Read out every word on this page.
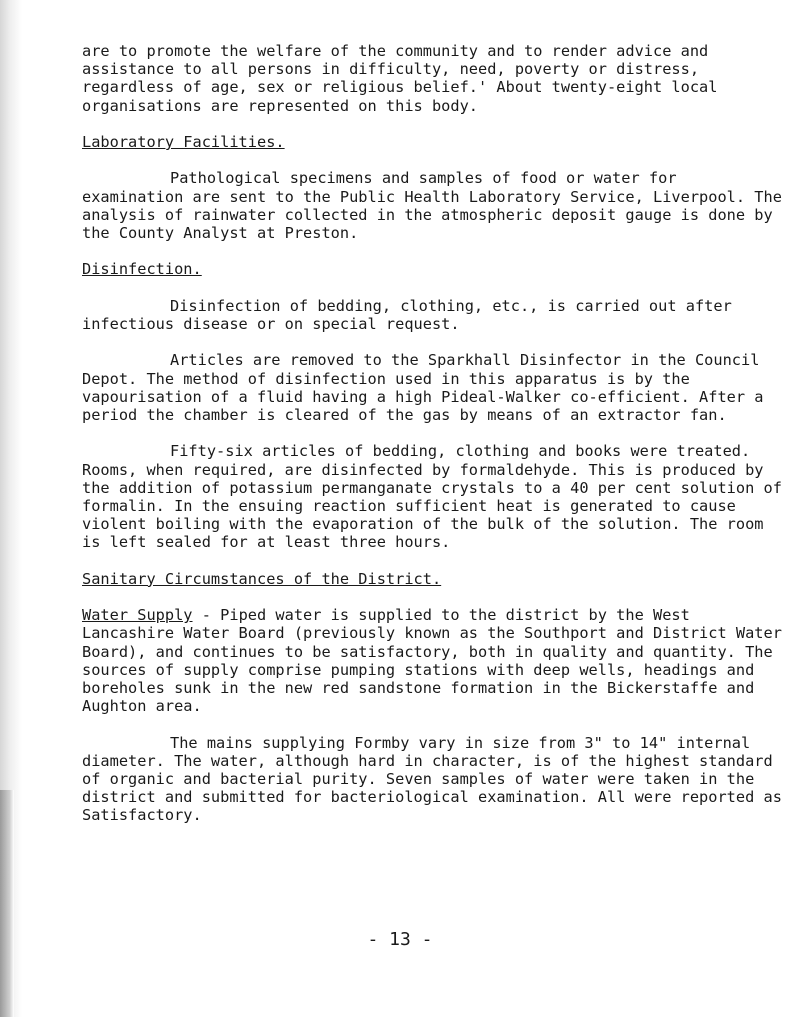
are to promote the welfare of the community and to render advice and assistance to all persons in difficulty, need, poverty or distress, regardless of age, sex or religious belief.' About twenty-eight local organisations are represented on this body.

Laboratory Facilities.

Pathological specimens and samples of food or water for examination are sent to the Public Health Laboratory Service, Liverpool. The analysis of rainwater collected in the atmospheric deposit gauge is done by the County Analyst at Preston.

Disinfection.

Disinfection of bedding, clothing, etc., is carried out after infectious disease or on special request.

Articles are removed to the Sparkhall Disinfector in the Council Depot. The method of disinfection used in this apparatus is by the vapourisation of a fluid having a high Pideal-Walker co-efficient. After a period the chamber is cleared of the gas by means of an extractor fan.

Fifty-six articles of bedding, clothing and books were treated. Rooms, when required, are disinfected by formaldehyde. This is produced by the addition of potassium permanganate crystals to a 40 per cent solution of formalin. In the ensuing reaction sufficient heat is generated to cause violent boiling with the evaporation of the bulk of the solution. The room is left sealed for at least three hours.

Sanitary Circumstances of the District.

Water Supply - Piped water is supplied to the district by the West Lancashire Water Board (previously known as the Southport and District Water Board), and continues to be satisfactory, both in quality and quantity. The sources of supply comprise pumping stations with deep wells, headings and boreholes sunk in the new red sandstone formation in the Bickerstaffe and Aughton area.

The mains supplying Formby vary in size from 3" to 14" internal diameter. The water, although hard in character, is of the highest standard of organic and bacterial purity. Seven samples of water were taken in the district and submitted for bacteriological examination. All were reported as Satisfactory.

- 13 -
